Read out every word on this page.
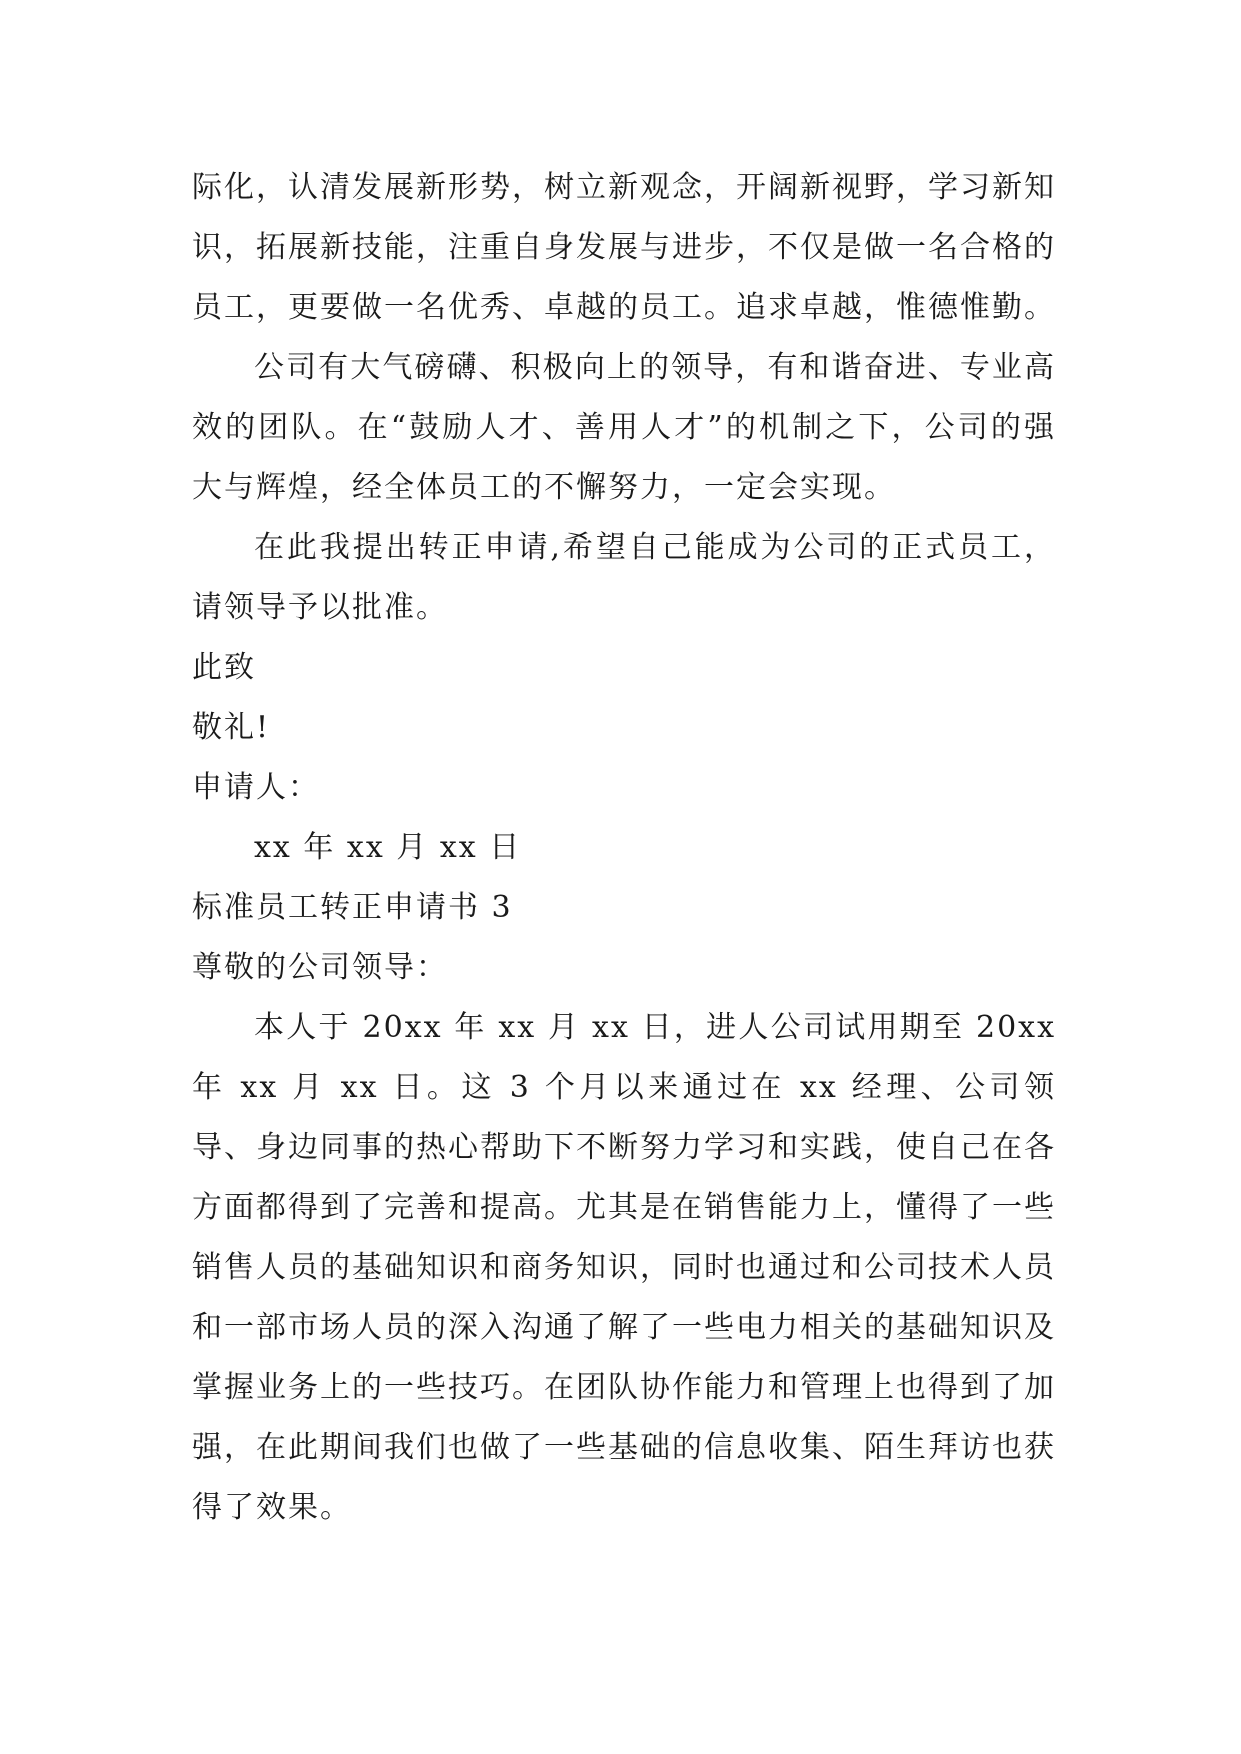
际化，认清发展新形势，树立新观念，开阔新视野，学习新知识，拓展新技能，注重自身发展与进步，不仅是做一名合格的员工，更要做一名优秀、卓越的员工。追求卓越，惟德惟勤。

公司有大气磅礴、积极向上的领导，有和谐奋进、专业高效的团队。在“鼓励人才、善用人才”的机制之下，公司的强大与辉煌，经全体员工的不懈努力，一定会实现。

在此我提出转正申请,希望自己能成为公司的正式员工，请领导予以批准。

此致
敬礼!
申请人：
xx 年 xx 月 xx 日
标准员工转正申请书 3
尊敬的公司领导：

本人于 20xx 年 xx 月 xx 日，进人公司试用期至 20xx 年 xx 月 xx 日。这 3 个月以来通过在 xx 经理、公司领导、身边同事的热心帮助下不断努力学习和实践，使自己在各方面都得到了完善和提高。尤其是在销售能力上，懂得了一些销售人员的基础知识和商务知识，同时也通过和公司技术人员和一部市场人员的深入沟通了解了一些电力相关的基础知识及掌握业务上的一些技巧。在团队协作能力和管理上也得到了加强，在此期间我们也做了一些基础的信息收集、陌生拜访也获得了效果。
